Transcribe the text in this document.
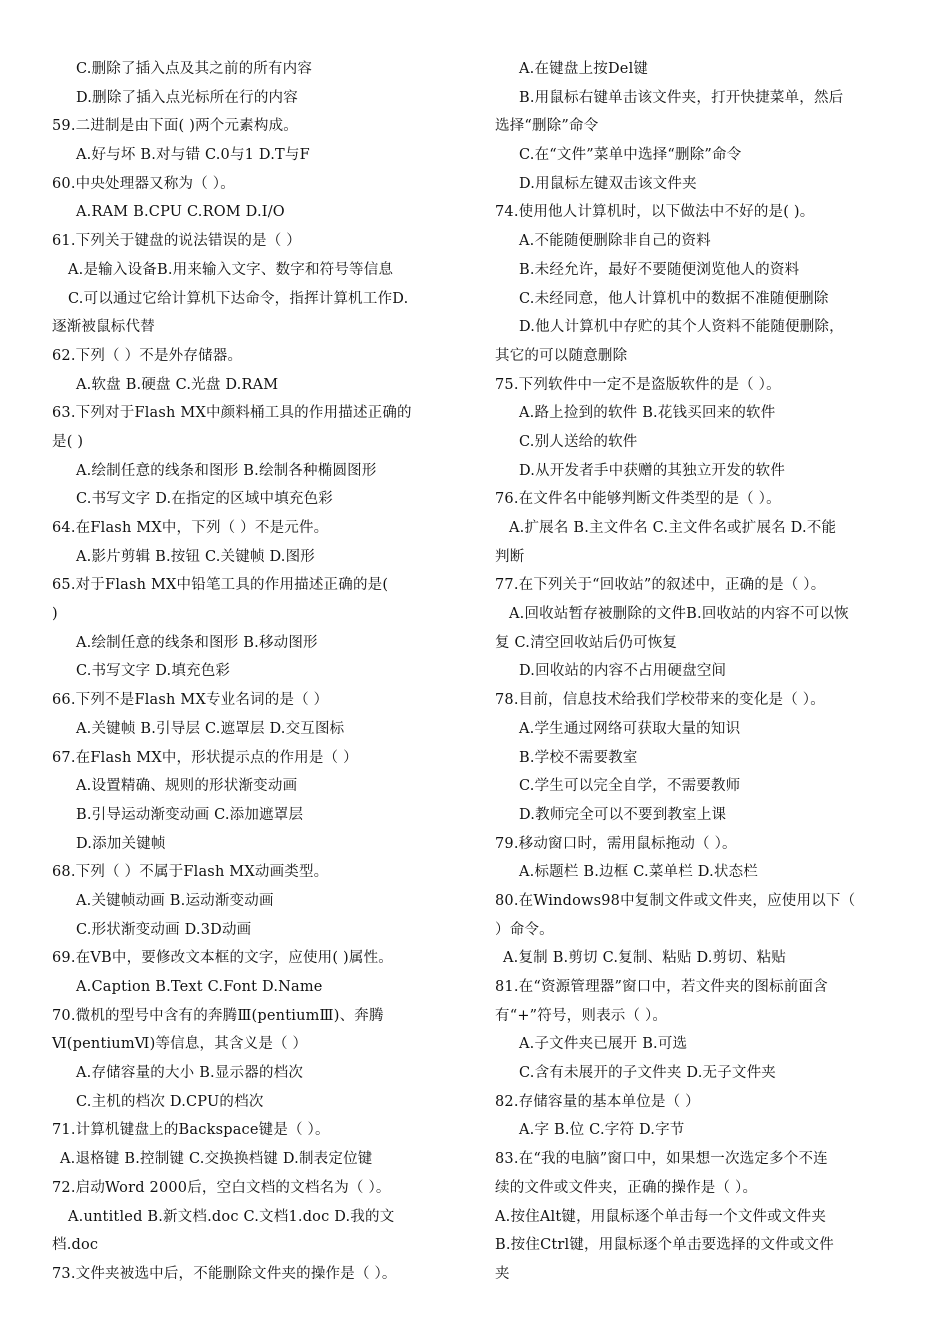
C.删除了插入点及其之前的所有内容
D.删除了插入点光标所在行的内容
59.二进制是由下面( )两个元素构成。
A.好与坏 B.对与错 C.0与1 D.T与F
60.中央处理器又称为（ ）。
A.RAM B.CPU C.ROM D.I/O
61.下列关于键盘的说法错误的是（ ）
A.是输入设备B.用来输入文字、数字和符号等信息
C.可以通过它给计算机下达命令，指挥计算机工作D.
逐渐被鼠标代替
62.下列（ ）不是外存储器。
A.软盘 B.硬盘 C.光盘 D.RAM
63.下列对于Flash MX中颜料桶工具的作用描述正确的
是( )
A.绘制任意的线条和图形 B.绘制各种椭圆图形
C.书写文字 D.在指定的区域中填充色彩
64.在Flash MX中，下列（ ）不是元件。
A.影片剪辑 B.按钮 C.关键帧 D.图形
65.对于Flash MX中铅笔工具的作用描述正确的是(
)
A.绘制任意的线条和图形 B.移动图形
C.书写文字 D.填充色彩
66.下列不是Flash MX专业名词的是（ ）
A.关键帧 B.引导层 C.遮罩层 D.交互图标
67.在Flash MX中，形状提示点的作用是（ ）
A.设置精确、规则的形状渐变动画
B.引导运动渐变动画 C.添加遮罩层
D.添加关键帧
68.下列（ ）不属于Flash MX动画类型。
A.关键帧动画 B.运动渐变动画
C.形状渐变动画 D.3D动画
69.在VB中，要修改文本框的文字，应使用( )属性。
A.Caption B.Text C.Font D.Name
70.微机的型号中含有的奔腾Ⅲ(pentiumⅢ)、奔腾
Ⅵ(pentiumⅥ)等信息，其含义是（ ）
A.存储容量的大小 B.显示器的档次
C.主机的档次 D.CPU的档次
71.计算机键盘上的Backspace键是（ ）。
A.退格键 B.控制键 C.交换换档键 D.制表定位键
72.启动Word 2000后，空白文档的文档名为（ ）。
A.untitled B.新文档.doc C.文档1.doc D.我的文
档.doc
73.文件夹被选中后，不能删除文件夹的操作是（ ）。
A.在键盘上按Del键
B.用鼠标右键单击该文件夹，打开快捷菜单，然后
选择“删除”命令
C.在“文件”菜单中选择“删除”命令
D.用鼠标左键双击该文件夹
74.使用他人计算机时，以下做法中不好的是( )。
A.不能随便删除非自己的资料
B.未经允许，最好不要随便浏览他人的资料
C.未经同意，他人计算机中的数据不准随便删除
D.他人计算机中存贮的其个人资料不能随便删除，
其它的可以随意删除
75.下列软件中一定不是盗版软件的是（ ）。
A.路上捡到的软件 B.花钱买回来的软件
C.别人送给的软件
D.从开发者手中获赠的其独立开发的软件
76.在文件名中能够判断文件类型的是（ ）。
A.扩展名 B.主文件名 C.主文件名或扩展名 D.不能
判断
77.在下列关于“回收站”的叙述中，正确的是（ ）。
A.回收站暂存被删除的文件B.回收站的内容不可以恢
复 C.清空回收站后仍可恢复
D.回收站的内容不占用硬盘空间
78.目前，信息技术给我们学校带来的变化是（ ）。
A.学生通过网络可获取大量的知识
B.学校不需要教室
C.学生可以完全自学，不需要教师
D.教师完全可以不要到教室上课
79.移动窗口时，需用鼠标拖动（ ）。
A.标题栏 B.边框 C.菜单栏 D.状态栏
80.在Windows98中复制文件或文件夹，应使用以下（
）命令。
A.复制 B.剪切 C.复制、粘贴 D.剪切、粘贴
81.在“资源管理器”窗口中，若文件夹的图标前面含
有“+”符号，则表示（ ）。
A.子文件夹已展开 B.可选
C.含有未展开的子文件夹 D.无子文件夹
82.存储容量的基本单位是（ ）
A.字 B.位 C.字符 D.字节
83.在“我的电脑”窗口中，如果想一次选定多个不连
续的文件或文件夹，正确的操作是（ ）。
A.按住Alt键，用鼠标逐个单击每一个文件或文件夹
B.按住Ctrl键，用鼠标逐个单击要选择的文件或文件
夹
